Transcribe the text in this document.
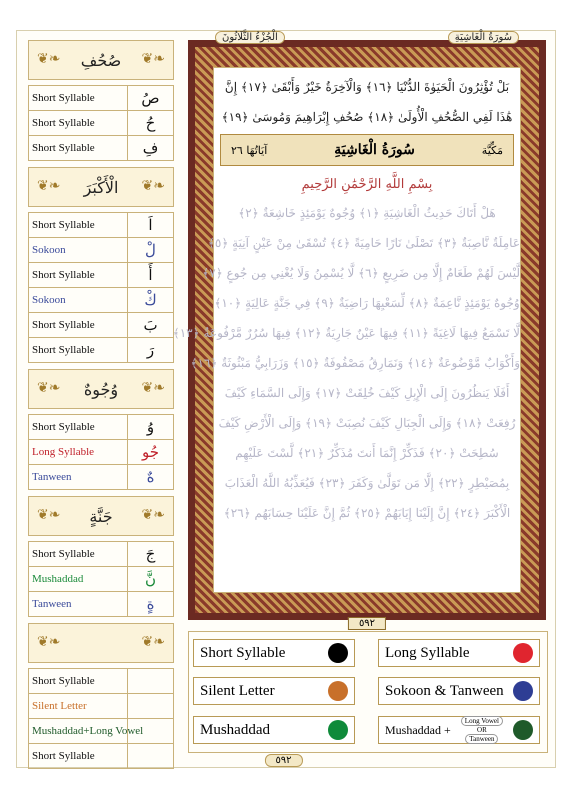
❦❧ صُحُفِ
❦❧
Short Syllable	صُ
Short Syllable	حُ
Short Syllable	فِ
❦❧ الْأَكْبَرَ
❦❧
Short Syllable	اَ
Sokoon	لْ
Short Syllable	أَ
Sokoon	كْ
Short Syllable	بَ
Short Syllable	رَ
❦❧ وُجُوهٌ
❦❧
Short Syllable	وُ
Long Syllable	جُو
Tanween	هٌ
❦❧ جَنَّةٍ
❦❧
Short Syllable	جَ
Mushaddad	نَّ
Tanween	ةٍ
❦❧
❦❧
Short Syllable
Silent Letter
Mushaddad+Long Vowel
Short Syllable
الْجُزْءُ الثَّلَاثُونَ	سُورَةُ الْغَاشِيَةِ
بَلْ تُؤْثِرُونَ الْحَيَوٰةَ الدُّنْيَا ﴿١٦﴾ وَالْآخِرَةُ خَيْرٌ وَأَبْقَىٰ ﴿١٧﴾ إِنَّ
هَٰذَا لَفِي الصُّحُفِ الْأُولَىٰ ﴿١٨﴾ صُحُفِ إِبْرَاهِيمَ وَمُوسَىٰ ﴿١٩﴾
آيَاتُهَا ٢٦	سُورَةُ الْغَاشِيَةِ	مَكِّيَّة
بِسْمِ اللَّهِ الرَّحْمَٰنِ الرَّحِيمِ
هَلْ أَتَاكَ حَدِيثُ الْغَاشِيَةِ ﴿١﴾ وُجُوهٌ يَوْمَئِذٍ خَاشِعَةٌ ﴿٢﴾
عَامِلَةٌ نَّاصِبَةٌ ﴿٣﴾ تَصْلَىٰ نَارًا حَامِيَةً ﴿٤﴾ تُسْقَىٰ مِنْ عَيْنٍ آنِيَةٍ ﴿٥﴾
لَّيْسَ لَهُمْ طَعَامٌ إِلَّا مِن ضَرِيعٍ ﴿٦﴾ لَّا يُسْمِنُ وَلَا يُغْنِي مِن جُوعٍ ﴿٧﴾
وُجُوهٌ يَوْمَئِذٍ نَّاعِمَةٌ ﴿٨﴾ لِّسَعْيِهَا رَاضِيَةٌ ﴿٩﴾ فِي جَنَّةٍ عَالِيَةٍ ﴿١٠﴾
لَّا تَسْمَعُ فِيهَا لَاغِيَةً ﴿١١﴾ فِيهَا عَيْنٌ جَارِيَةٌ ﴿١٢﴾ فِيهَا سُرُرٌ مَّرْفُوعَةٌ ﴿١٣﴾
وَأَكْوَابٌ مَّوْضُوعَةٌ ﴿١٤﴾ وَنَمَارِقُ مَصْفُوفَةٌ ﴿١٥﴾ وَزَرَابِيُّ مَبْثُوثَةٌ ﴿١٦﴾
أَفَلَا يَنظُرُونَ إِلَى الْإِبِلِ كَيْفَ خُلِقَتْ ﴿١٧﴾ وَإِلَى السَّمَاءِ كَيْفَ
رُفِعَتْ ﴿١٨﴾ وَإِلَى الْجِبَالِ كَيْفَ نُصِبَتْ ﴿١٩﴾ وَإِلَى الْأَرْضِ كَيْفَ
سُطِحَتْ ﴿٢٠﴾ فَذَكِّرْ إِنَّمَا أَنتَ مُذَكِّرٌ ﴿٢١﴾ لَّسْتَ عَلَيْهِم
بِمُصَيْطِرٍ ﴿٢٢﴾ إِلَّا مَن تَوَلَّىٰ وَكَفَرَ ﴿٢٣﴾ فَيُعَذِّبُهُ اللَّهُ الْعَذَابَ
الْأَكْبَرَ ﴿٢٤﴾ إِنَّ إِلَيْنَا إِيَابَهُمْ ﴿٢٥﴾ ثُمَّ إِنَّ عَلَيْنَا حِسَابَهُم ﴿٢٦﴾
٥٩٢
Short Syllable	Long Syllable
Silent Letter	Sokoon & Tanween
Mushaddad	Mushaddad +
Long Vowel
OR
Tanween
٥٩٢
